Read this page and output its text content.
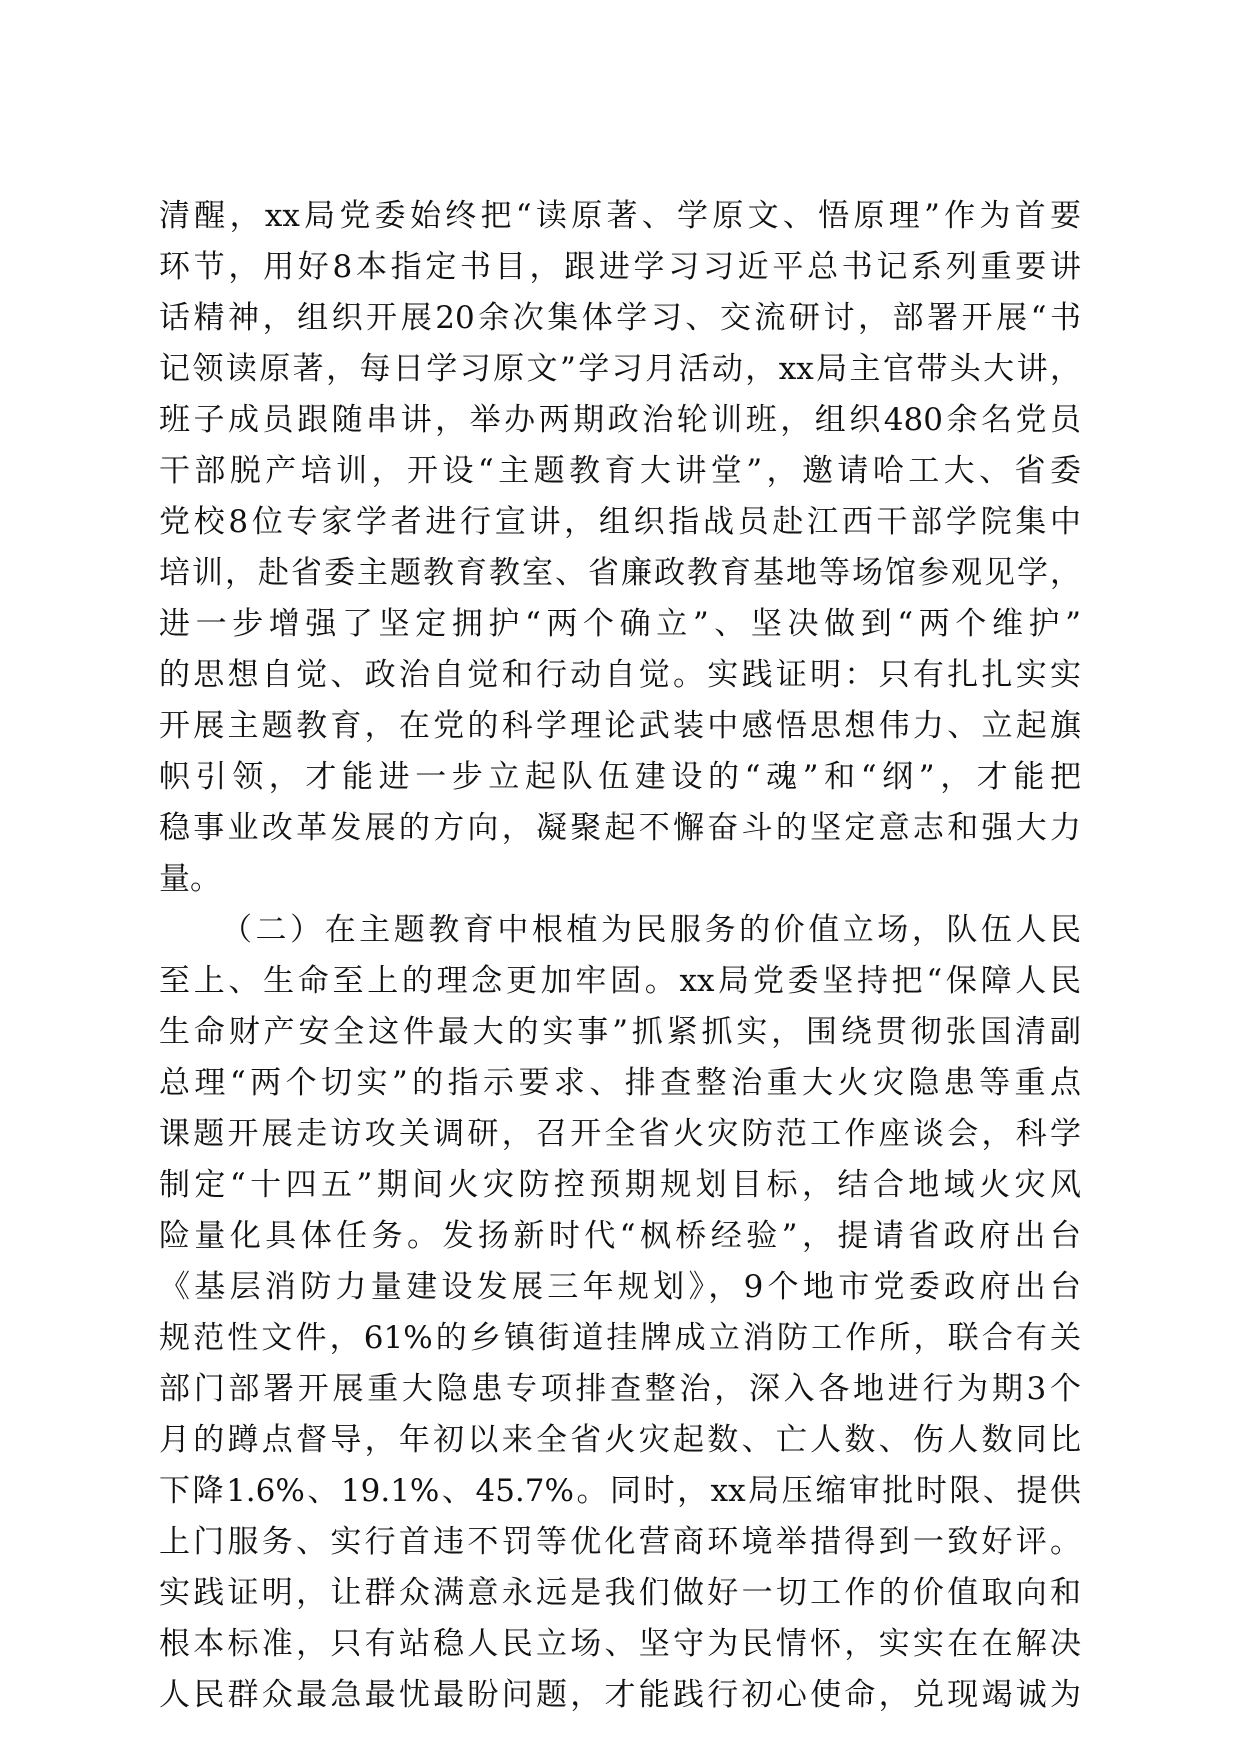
清醒，xx局党委始终把“读原著、学原文、悟原理”作为首要
环节，用好8本指定书目，跟进学习习近平总书记系列重要讲
话精神，组织开展20余次集体学习、交流研讨，部署开展“书
记领读原著，每日学习原文”学习月活动，xx局主官带头大讲，
班子成员跟随串讲，举办两期政治轮训班，组织480余名党员
干部脱产培训，开设“主题教育大讲堂”，邀请哈工大、省委
党校8位专家学者进行宣讲，组织指战员赴江西干部学院集中
培训，赴省委主题教育教室、省廉政教育基地等场馆参观见学，
进一步增强了坚定拥护“两个确立”、坚决做到“两个维护”
的思想自觉、政治自觉和行动自觉。实践证明：只有扎扎实实
开展主题教育，在党的科学理论武装中感悟思想伟力、立起旗
帜引领，才能进一步立起队伍建设的“魂”和“纲”，才能把
稳事业改革发展的方向，凝聚起不懈奋斗的坚定意志和强大力
量。
（二）在主题教育中根植为民服务的价值立场，队伍人民
至上、生命至上的理念更加牢固。xx局党委坚持把“保障人民
生命财产安全这件最大的实事”抓紧抓实，围绕贯彻张国清副
总理“两个切实”的指示要求、排查整治重大火灾隐患等重点
课题开展走访攻关调研，召开全省火灾防范工作座谈会，科学
制定“十四五”期间火灾防控预期规划目标，结合地域火灾风
险量化具体任务。发扬新时代“枫桥经验”，提请省政府出台
《基层消防力量建设发展三年规划》，9个地市党委政府出台
规范性文件，61%的乡镇街道挂牌成立消防工作所，联合有关
部门部署开展重大隐患专项排查整治，深入各地进行为期3个
月的蹲点督导，年初以来全省火灾起数、亡人数、伤人数同比
下降1.6%、19.1%、45.7%。同时，xx局压缩审批时限、提供
上门服务、实行首违不罚等优化营商环境举措得到一致好评。
实践证明，让群众满意永远是我们做好一切工作的价值取向和
根本标准，只有站稳人民立场、坚守为民情怀，实实在在解决
人民群众最急最忧最盼问题，才能践行初心使命，兑现竭诚为
